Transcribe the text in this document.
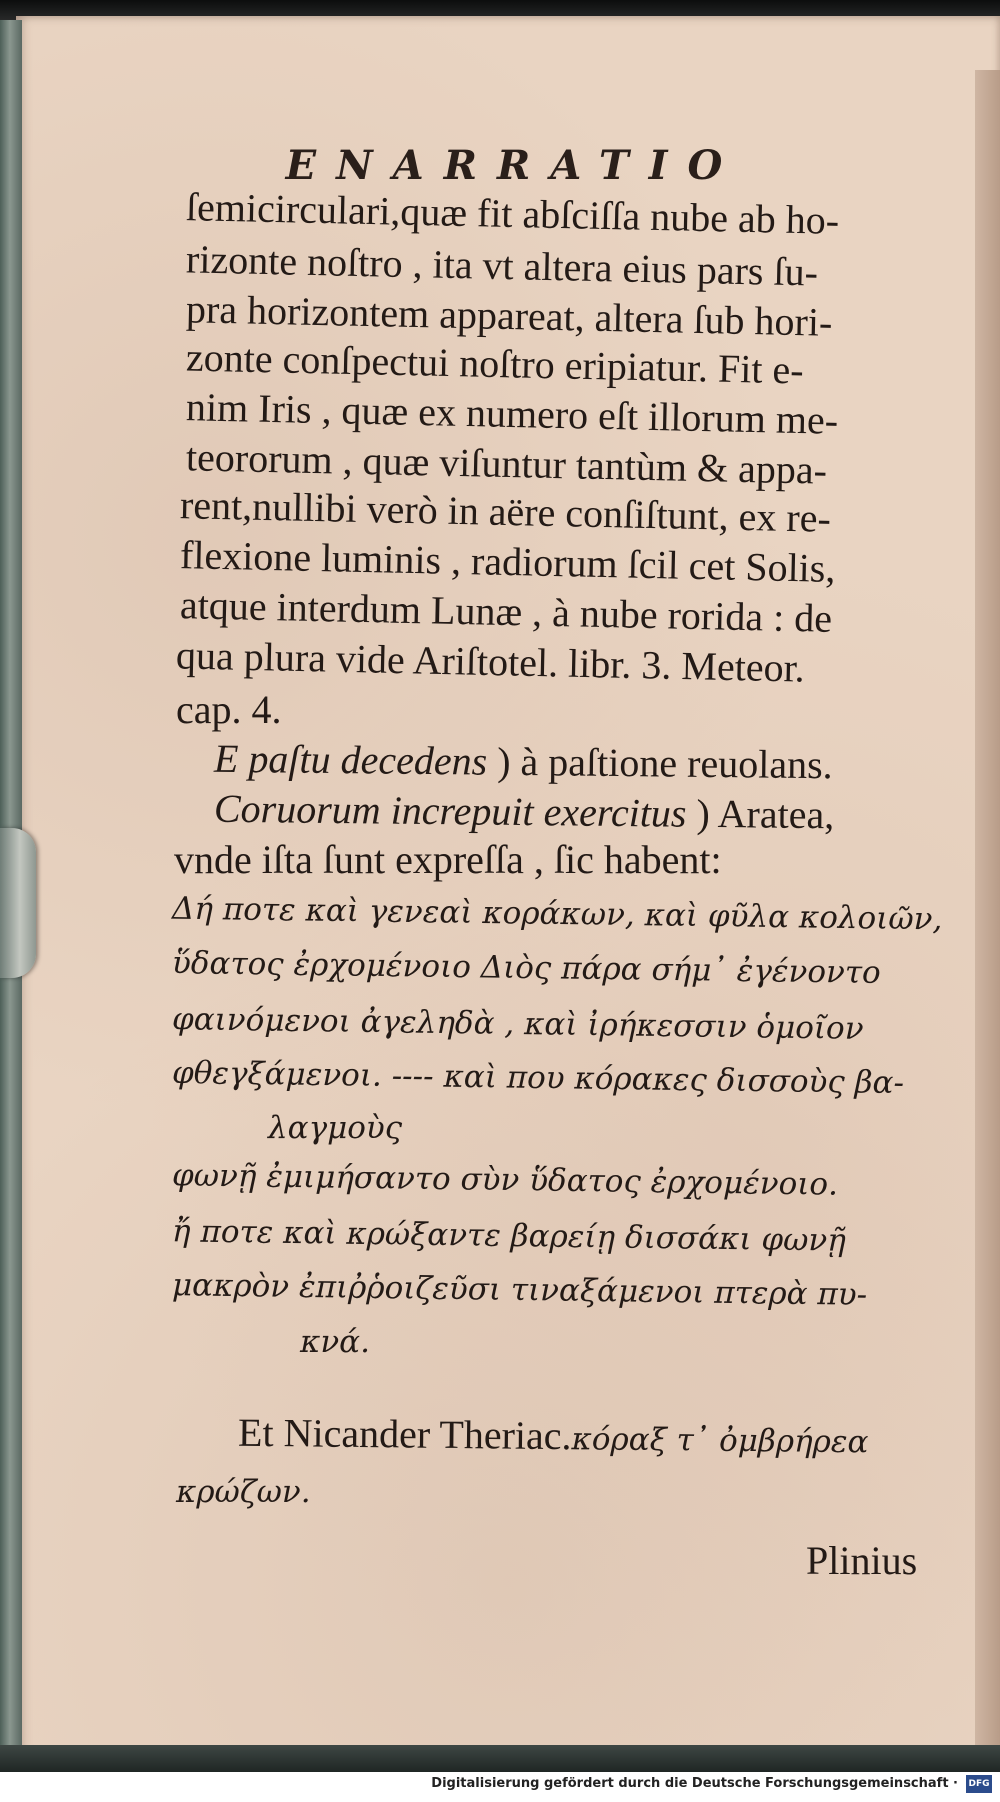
ENARRATIO
ſemicirculari,quæ fit abſciſſa nube ab ho-
rizonte noſtro , ita vt altera eius pars ſu-
pra horizontem appareat, altera ſub hori-
zonte conſpectui noſtro eripiatur. Fit e-
nim Iris , quæ ex numero eſt illorum me-
teororum , quæ viſuntur tantùm & appa-
rent,nullibi verò in aëre conſiſtunt, ex re-
flexione luminis , radiorum ſcil cet Solis,
atque interdum Lunæ , à nube rorida : de
qua plura vide Ariſtotel. libr. 3. Meteor.
cap. 4.
E paſtu decedens ) à paſtione reuolans.
Coruorum increpuit exercitus ) Aratea,
vnde iſta ſunt expreſſa , ſic habent:
Δή ποτε καὶ γενεαὶ κοράκων, καὶ φῦλα κολοιῶν,
ὕδατος ἐρχομένοιο Διὸς πάρα σήμ᾽ ἐγένοντο
φαινόμενοι ἀγεληδὰ , καὶ ἰρήκεσσιν ὁμοῖον
φθεγξάμενοι. ---- καὶ που κόρακες δισσοὺς βα-
λαγμοὺς
φωνῇ ἐμιμήσαντο σὺν ὕδατος ἐρχομένοιο.
ἤ ποτε καὶ κρώξαντε βαρείῃ δισσάκι φωνῇ
μακρὸν ἐπιῤῥοιζεῦσι τιναξάμενοι πτερὰ πυ-
κνά.
Et Nicander Theriac.κόραξ τ᾽ ὀμβρήρεα
κρώζων.
Plinius
Digitalisierung gefördert durch die Deutsche Forschungsgemeinschaft · DFG
